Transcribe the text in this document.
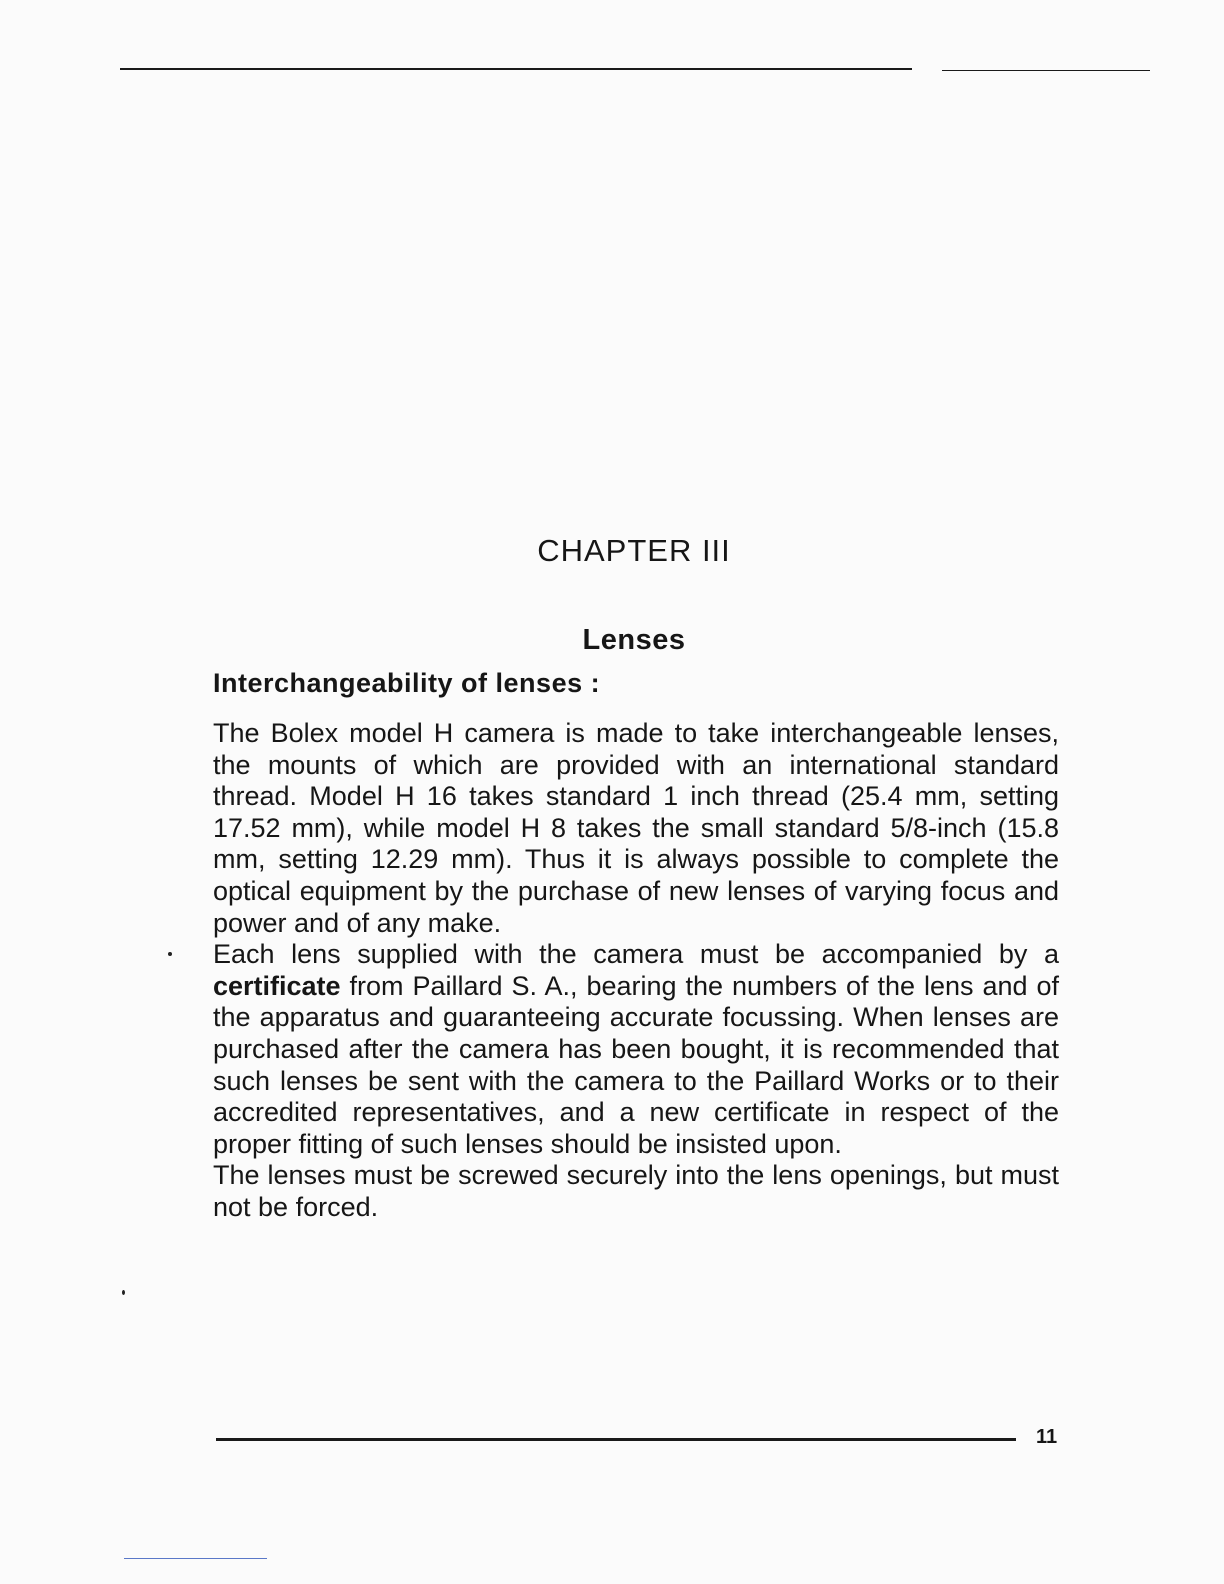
CHAPTER III
Lenses
Interchangeability of lenses :

The Bolex model H camera is made to take interchangeable lenses, the mounts of which are provided with an international standard thread. Model H 16 takes standard 1 inch thread (25.4 mm, setting 17.52 mm), while model H 8 takes the small standard 5/8-inch (15.8 mm, setting 12.29 mm). Thus it is always possible to complete the optical equipment by the purchase of new lenses of varying focus and power and of any make.

Each lens supplied with the camera must be accompanied by a certificate from Paillard S. A., bearing the numbers of the lens and of the apparatus and guaranteeing accurate focussing. When lenses are purchased after the camera has been bought, it is recommended that such lenses be sent with the camera to the Paillard Works or to their accredited representatives, and a new certificate in respect of the proper fitting of such lenses should be insisted upon.

The lenses must be screwed securely into the lens openings, but must not be forced.

11
